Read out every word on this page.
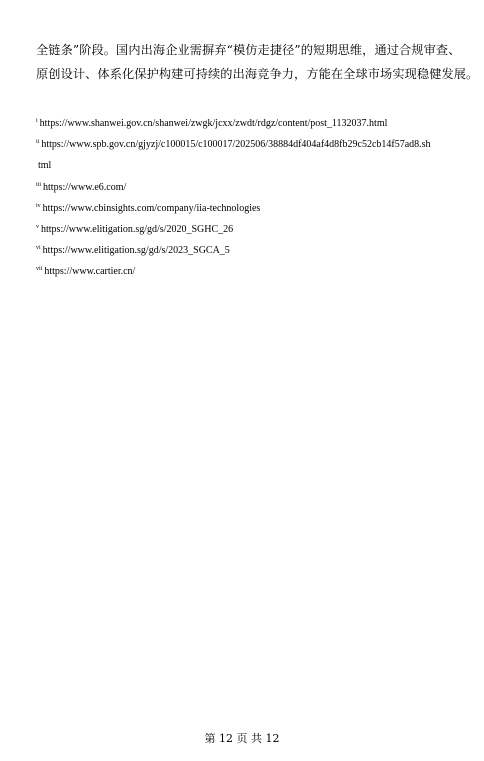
全链条”阶段。国内出海企业需摒弃“模仿走捷径”的短期思维，通过合规审查、
原创设计、体系化保护构建可持续的出海竞争力，方能在全球市场实现稳健发展。
$^i$ https://www.shanwei.gov.cn/shanwei/zwgk/jcxx/zwdt/rdgz/content/post_1132037.html
$^{ii}$ https://www.spb.gov.cn/gjyzj/c100015/c100017/202506/38884df404af4d8fb29c52cb14f57ad8.sh
tml
$^{iii}$ https://www.e6.com/
$^{iv}$ https://www.cbinsights.com/company/iia-technologies
$^v$ https://www.elitigation.sg/gd/s/2020_SGHC_26
$^{vi}$ https://www.elitigation.sg/gd/s/2023_SGCA_5
$^{vii}$ https://www.cartier.cn/
第 12 页 共 12
